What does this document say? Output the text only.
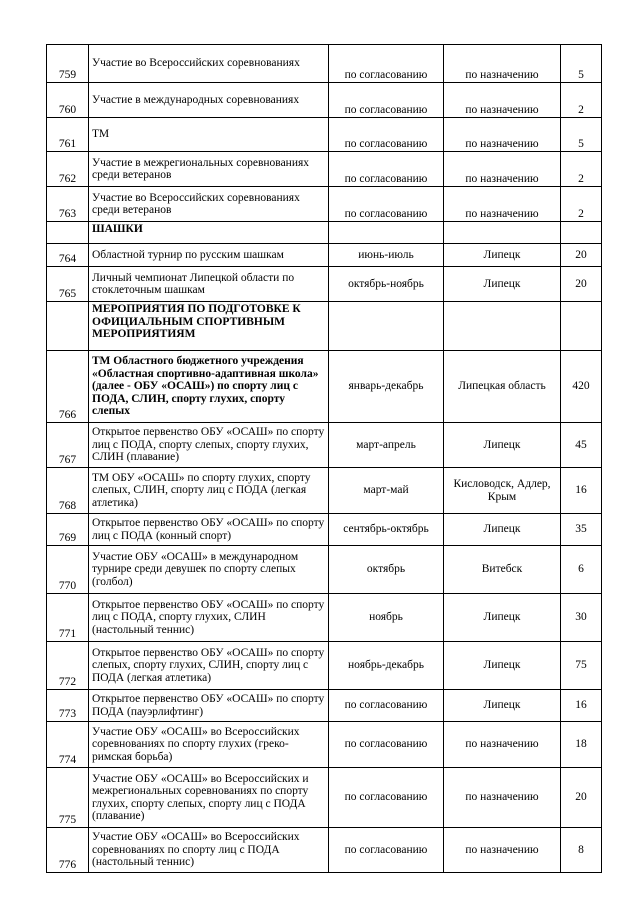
759	Участие во Всероссийских соревнованиях	по согласованию	по назначению	5
760	Участие в международных соревнованиях	по согласованию	по назначению	2
761	ТМ	по согласованию	по назначению	5
762	Участие в межрегиональных соревнованиях среди ветеранов	по согласованию	по назначению	2
763	Участие во Всероссийских соревнованиях среди ветеранов	по согласованию	по назначению	2
	ШАШКИ			
764	Областной турнир по русским шашкам	июнь-июль	Липецк	20
765	Личный чемпионат Липецкой области по стоклеточным шашкам	октябрь-ноябрь	Липецк	20
	МЕРОПРИЯТИЯ ПО ПОДГОТОВКЕ К ОФИЦИАЛЬНЫМ СПОРТИВНЫМ МЕРОПРИЯТИЯМ			
766	ТМ Областного бюджетного учреждения «Областная спортивно-адаптивная школа» (далее - ОБУ «ОСАШ») по спорту лиц с ПОДА, СЛИН, спорту глухих, спорту слепых	январь-декабрь	Липецкая область	420
767	Открытое первенство ОБУ «ОСАШ» по спорту лиц с ПОДА, спорту слепых, спорту глухих, СЛИН (плавание)	март-апрель	Липецк	45
768	ТМ ОБУ «ОСАШ» по спорту глухих, спорту слепых, СЛИН, спорту лиц с ПОДА (легкая атлетика)	март-май	Кисловодск, Адлер, Крым	16
769	Открытое первенство ОБУ «ОСАШ» по спорту лиц с ПОДА (конный спорт)	сентябрь-октябрь	Липецк	35
770	Участие ОБУ «ОСАШ» в международном турнире среди девушек по спорту слепых (голбол)	октябрь	Витебск	6
771	Открытое первенство ОБУ «ОСАШ» по спорту лиц с ПОДА, спорту глухих, СЛИН (настольный теннис)	ноябрь	Липецк	30
772	Открытое первенство ОБУ «ОСАШ» по спорту слепых, спорту глухих, СЛИН, спорту лиц с ПОДА (легкая атлетика)	ноябрь-декабрь	Липецк	75
773	Открытое первенство ОБУ «ОСАШ» по спорту ПОДА (пауэрлифтинг)	по согласованию	Липецк	16
774	Участие ОБУ «ОСАШ» во Всероссийских соревнованиях по спорту глухих (греко-римская борьба)	по согласованию	по назначению	18
775	Участие ОБУ «ОСАШ» во Всероссийских и межрегиональных соревнованиях по спорту глухих, спорту слепых, спорту лиц с ПОДА (плавание)	по согласованию	по назначению	20
776	Участие ОБУ «ОСАШ» во Всероссийских соревнованиях по спорту лиц с ПОДА (настольный теннис)	по согласованию	по назначению	8
